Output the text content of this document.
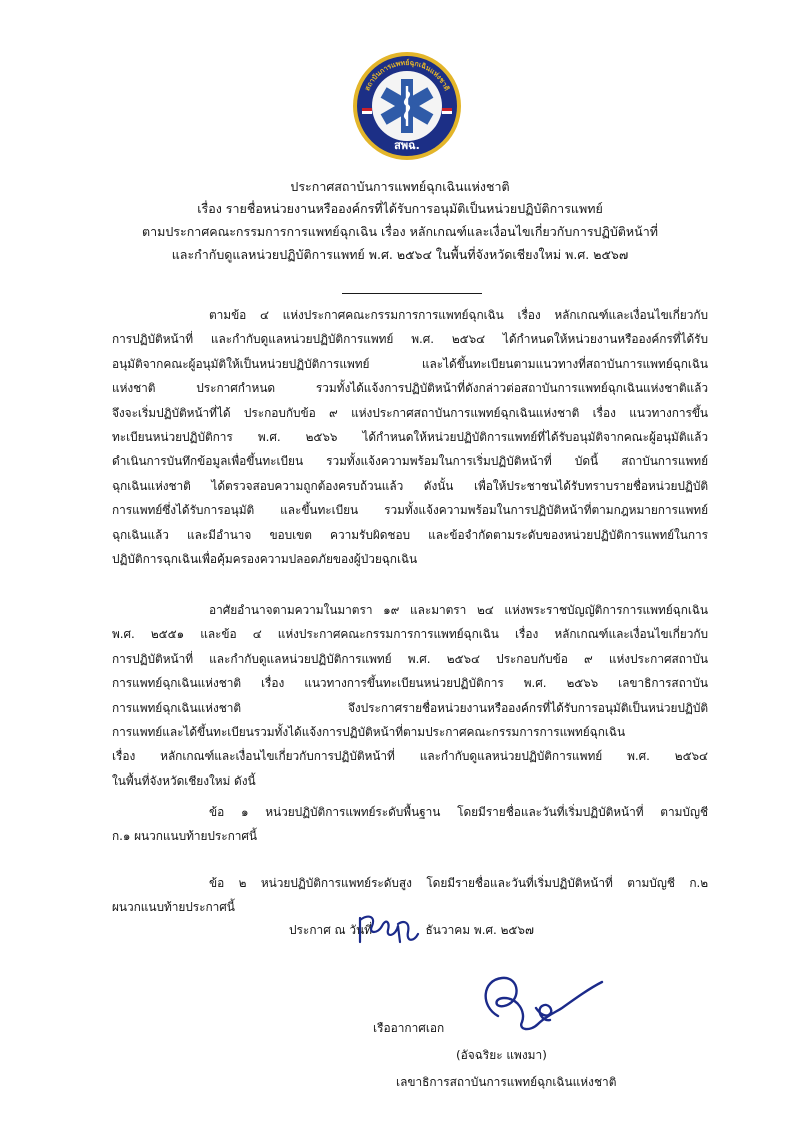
สถาบันการแพทย์ฉุกเฉินแห่งชาติ
สพฉ.
ประกาศสถาบันการแพทย์ฉุกเฉินแห่งชาติ
เรื่อง รายชื่อหน่วยงานหรือองค์กรที่ได้รับการอนุมัติเป็นหน่วยปฏิบัติการแพทย์
ตามประกาศคณะกรรมการการแพทย์ฉุกเฉิน เรื่อง หลักเกณฑ์และเงื่อนไขเกี่ยวกับการปฏิบัติหน้าที่
และกำกับดูแลหน่วยปฏิบัติการแพทย์ พ.ศ. ๒๕๖๔ ในพื้นที่จังหวัดเชียงใหม่ พ.ศ. ๒๕๖๗
ตามข้อ ๔ แห่งประกาศคณะกรรมการการแพทย์ฉุกเฉิน เรื่อง หลักเกณฑ์และเงื่อนไขเกี่ยวกับ
การปฏิบัติหน้าที่ และกำกับดูแลหน่วยปฏิบัติการแพทย์ พ.ศ. ๒๕๖๔ ได้กำหนดให้หน่วยงานหรือองค์กรที่ได้รับ
อนุมัติจากคณะผู้อนุมัติให้เป็นหน่วยปฏิบัติการแพทย์ และได้ขึ้นทะเบียนตามแนวทางที่สถาบันการแพทย์ฉุกเฉิน
แห่งชาติ ประกาศกำหนด รวมทั้งได้แจ้งการปฏิบัติหน้าที่ดังกล่าวต่อสถาบันการแพทย์ฉุกเฉินแห่งชาติแล้ว
จึงจะเริ่มปฏิบัติหน้าที่ได้ ประกอบกับข้อ ๙ แห่งประกาศสถาบันการแพทย์ฉุกเฉินแห่งชาติ เรื่อง แนวทางการขึ้น
ทะเบียนหน่วยปฏิบัติการ พ.ศ. ๒๕๖๖ ได้กำหนดให้หน่วยปฏิบัติการแพทย์ที่ได้รับอนุมัติจากคณะผู้อนุมัติแล้ว
ดำเนินการบันทึกข้อมูลเพื่อขึ้นทะเบียน รวมทั้งแจ้งความพร้อมในการเริ่มปฏิบัติหน้าที่ บัดนี้ สถาบันการแพทย์
ฉุกเฉินแห่งชาติ ได้ตรวจสอบความถูกต้องครบถ้วนแล้ว ดังนั้น เพื่อให้ประชาชนได้รับทราบรายชื่อหน่วยปฏิบัติ
การแพทย์ซึ่งได้รับการอนุมัติ และขึ้นทะเบียน รวมทั้งแจ้งความพร้อมในการปฏิบัติหน้าที่ตามกฎหมายการแพทย์
ฉุกเฉินแล้ว และมีอำนาจ ขอบเขต ความรับผิดชอบ และข้อจำกัดตามระดับของหน่วยปฏิบัติการแพทย์ในการ
ปฏิบัติการฉุกเฉินเพื่อคุ้มครองความปลอดภัยของผู้ป่วยฉุกเฉิน
อาศัยอำนาจตามความในมาตรา ๑๙ และมาตรา ๒๔ แห่งพระราชบัญญัติการการแพทย์ฉุกเฉิน
พ.ศ. ๒๕๕๑ และข้อ ๔ แห่งประกาศคณะกรรมการการแพทย์ฉุกเฉิน เรื่อง หลักเกณฑ์และเงื่อนไขเกี่ยวกับ
การปฏิบัติหน้าที่ และกำกับดูแลหน่วยปฏิบัติการแพทย์ พ.ศ. ๒๕๖๔ ประกอบกับข้อ ๙ แห่งประกาศสถาบัน
การแพทย์ฉุกเฉินแห่งชาติ เรื่อง แนวทางการขึ้นทะเบียนหน่วยปฏิบัติการ พ.ศ. ๒๕๖๖ เลขาธิการสถาบัน
การแพทย์ฉุกเฉินแห่งชาติ จึงประกาศรายชื่อหน่วยงานหรือองค์กรที่ได้รับการอนุมัติเป็นหน่วยปฏิบัติ
การแพทย์และได้ขึ้นทะเบียนรวมทั้งได้แจ้งการปฏิบัติหน้าที่ตามประกาศคณะกรรมการการแพทย์ฉุกเฉิน
เรื่อง หลักเกณฑ์และเงื่อนไขเกี่ยวกับการปฏิบัติหน้าที่ และกำกับดูแลหน่วยปฏิบัติการแพทย์ พ.ศ. ๒๕๖๔
ในพื้นที่จังหวัดเชียงใหม่ ดังนี้
ข้อ ๑ หน่วยปฏิบัติการแพทย์ระดับพื้นฐาน โดยมีรายชื่อและวันที่เริ่มปฏิบัติหน้าที่ ตามบัญชี
ก.๑ ผนวกแนบท้ายประกาศนี้
ข้อ ๒ หน่วยปฏิบัติการแพทย์ระดับสูง โดยมีรายชื่อและวันที่เริ่มปฏิบัติหน้าที่ ตามบัญชี ก.๒
ผนวกแนบท้ายประกาศนี้
ประกาศ ณ วันที่	ธันวาคม พ.ศ. ๒๕๖๗
เรืออากาศเอก
(อัจฉริยะ แพงมา)
เลขาธิการสถาบันการแพทย์ฉุกเฉินแห่งชาติ
